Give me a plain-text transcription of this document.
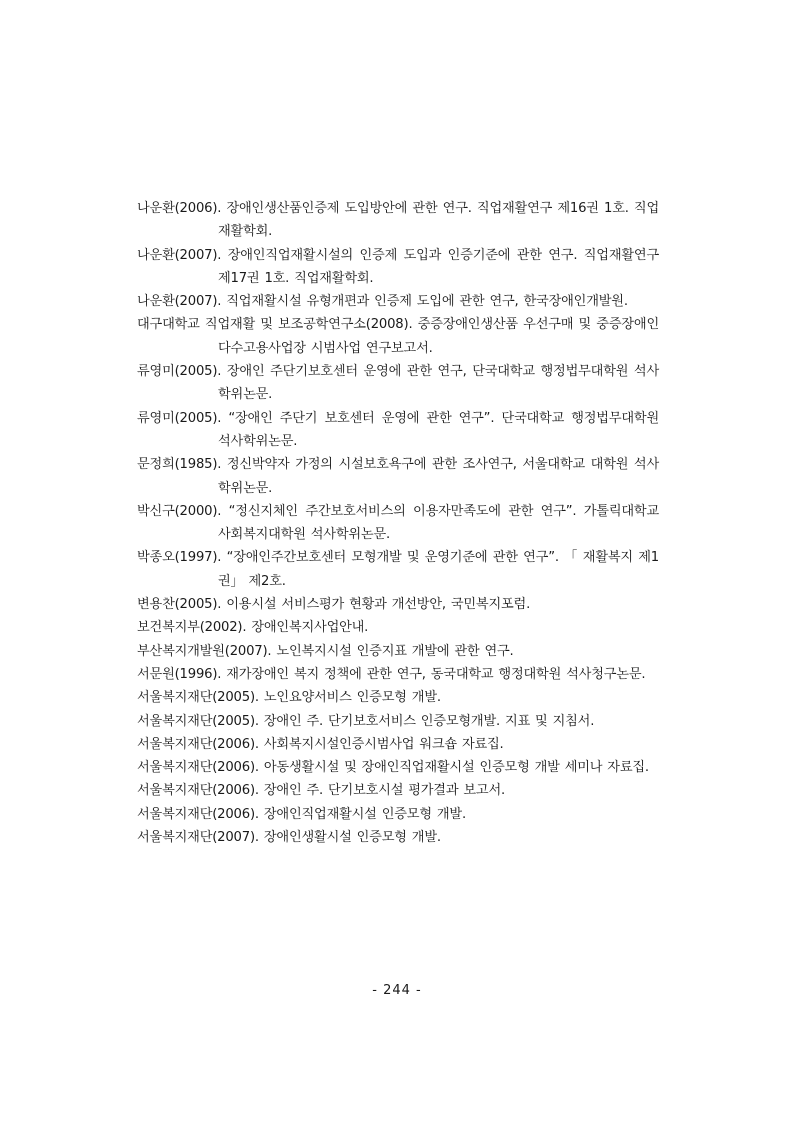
나운환(2006). 장애인생산품인증제 도입방안에 관한 연구. 직업재활연구 제16권 1호. 직업재활학회.
나운환(2007). 장애인직업재활시설의 인증제 도입과 인증기준에 관한 연구. 직업재활연구 제17권 1호. 직업재활학회.
나운환(2007). 직업재활시설 유형개편과 인증제 도입에 관한 연구, 한국장애인개발원.
대구대학교 직업재활 및 보조공학연구소(2008). 중증장애인생산품 우선구매 및 중증장애인다수고용사업장 시범사업 연구보고서.
류영미(2005). 장애인 주단기보호센터 운영에 관한 연구, 단국대학교 행정법무대학원 석사학위논문.
류영미(2005). “장애인 주단기 보호센터 운영에 관한 연구”. 단국대학교 행정법무대학원 석사학위논문.
문정희(1985). 정신박약자 가정의 시설보호욕구에 관한 조사연구, 서울대학교 대학원 석사학위논문.
박신구(2000). “정신지체인 주간보호서비스의 이용자만족도에 관한 연구”. 가톨릭대학교 사회복지대학원 석사학위논문.
박종오(1997). “장애인주간보호센터 모형개발 및 운영기준에 관한 연구”. 「 재활복지 제1권」 제2호.
변용찬(2005). 이용시설 서비스평가 현황과 개선방안, 국민복지포럼.
보건복지부(2002). 장애인복지사업안내.
부산복지개발원(2007). 노인복지시설 인증지표 개발에 관한 연구.
서문원(1996). 재가장애인 복지 정책에 관한 연구, 동국대학교 행정대학원 석사청구논문.
서울복지재단(2005). 노인요양서비스 인증모형 개발.
서울복지재단(2005). 장애인 주. 단기보호서비스 인증모형개발. 지표 및 지침서.
서울복지재단(2006). 사회복지시설인증시범사업 워크숍 자료집.
서울복지재단(2006). 아동생활시설 및 장애인직업재활시설 인증모형 개발 세미나 자료집.
서울복지재단(2006). 장애인 주. 단기보호시설 평가결과 보고서.
서울복지재단(2006). 장애인직업재활시설 인증모형 개발.
서울복지재단(2007). 장애인생활시설 인증모형 개발.
- 244 -
